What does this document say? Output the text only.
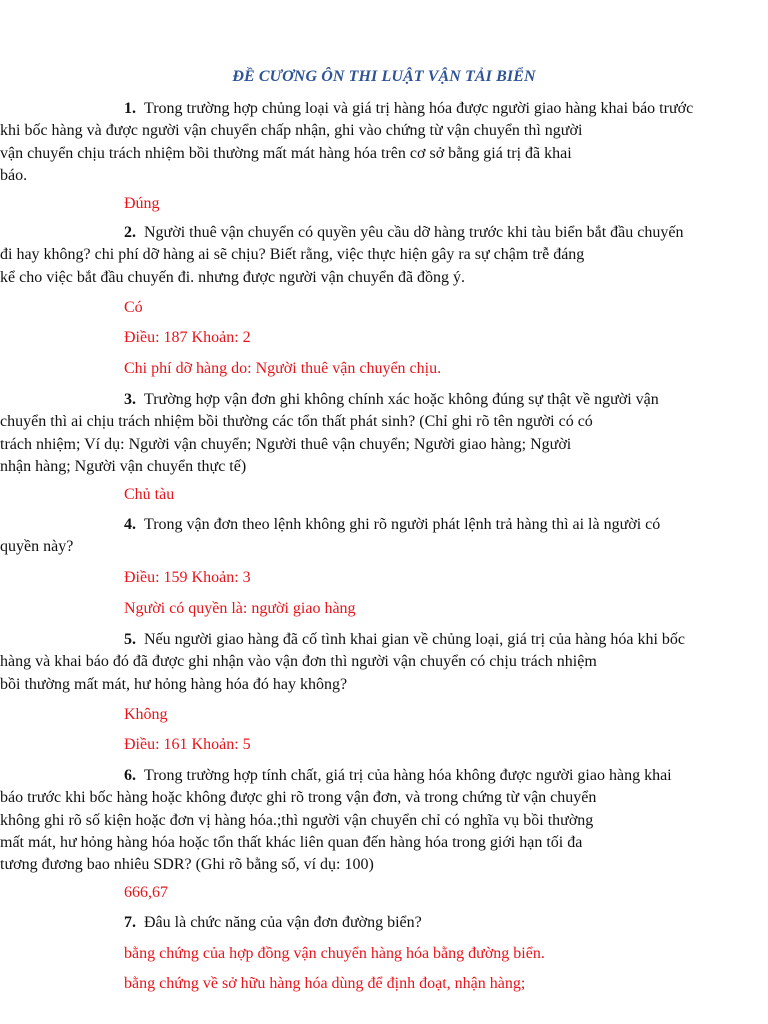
ĐỀ CƯƠNG ÔN THI LUẬT VẬN TẢI BIỂN
1. Trong trường hợp chủng loại và giá trị hàng hóa được người giao hàng khai báo trước
khi bốc hàng và được người vận chuyển chấp nhận, ghi vào chứng từ vận chuyển thì người
vận chuyển chịu trách nhiệm bồi thường mất mát hàng hóa trên cơ sở bằng giá trị đã khai
báo.
Đúng
2. Người thuê vận chuyển có quyền yêu cầu dỡ hàng trước khi tàu biển bắt đầu chuyến
đi hay không? chi phí dỡ hàng ai sẽ chịu? Biết rằng, việc thực hiện gây ra sự chậm trễ đáng
kể cho việc bắt đầu chuyến đi. nhưng được người vận chuyển đã đồng ý.
Có
Điều: 187 Khoản: 2
Chi phí dỡ hàng do: Người thuê vận chuyển chịu.
3. Trường hợp vận đơn ghi không chính xác hoặc không đúng sự thật về người vận
chuyển thì ai chịu trách nhiệm bồi thường các tổn thất phát sinh? (Chỉ ghi rõ tên người có có
trách nhiệm; Ví dụ: Người vận chuyển; Người thuê vận chuyển; Người giao hàng; Người
nhận hàng; Người vận chuyển thực tế)
Chủ tàu
4. Trong vận đơn theo lệnh không ghi rõ người phát lệnh trả hàng thì ai là người có
quyền này?
Điều: 159 Khoản: 3
Người có quyền là: người giao hàng
5. Nếu người giao hàng đã cố tình khai gian về chủng loại, giá trị của hàng hóa khi bốc
hàng và khai báo đó đã được ghi nhận vào vận đơn thì người vận chuyển có chịu trách nhiệm
bồi thường mất mát, hư hỏng hàng hóa đó hay không?
Không
Điều: 161 Khoản: 5
6. Trong trường hợp tính chất, giá trị của hàng hóa không được người giao hàng khai
báo trước khi bốc hàng hoặc không được ghi rõ trong vận đơn, và trong chứng từ vận chuyển
không ghi rõ số kiện hoặc đơn vị hàng hóa.;thì người vận chuyển chỉ có nghĩa vụ bồi thường
mất mát, hư hỏng hàng hóa hoặc tổn thất khác liên quan đến hàng hóa trong giới hạn tối đa
tương đương bao nhiêu SDR? (Ghi rõ bằng số, ví dụ: 100)
666,67
7. Đâu là chức năng của vận đơn đường biển?
bằng chứng của hợp đồng vận chuyển hàng hóa bằng đường biển.
bằng chứng về sở hữu hàng hóa dùng để định đoạt, nhận hàng;
